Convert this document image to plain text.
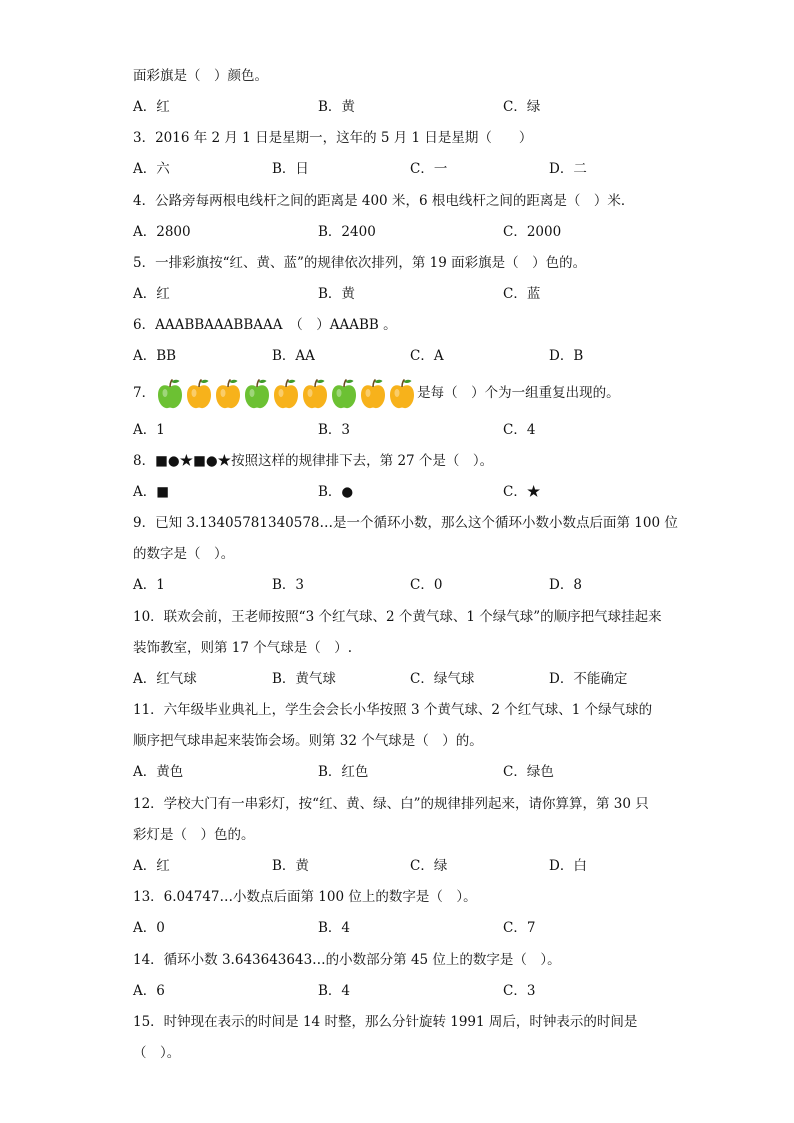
面彩旗是（　）颜色。
A．红	B．黄	C．绿
3．2016 年 2 月 1 日是星期一，这年的 5 月 1 日是星期（　　）
A．六	B．日	C．一	D．二
4．公路旁每两根电线杆之间的距离是 400 米，6 根电线杆之间的距离是（　）米．
A．2800	B．2400	C．2000
5．一排彩旗按“红、黄、蓝”的规律依次排列，第 19 面彩旗是（　）色的。
A．红	B．黄	C．蓝
6．AAABBAAABBAAA　（　）AAABB 。
A．BB	B．AA	C．A	D．B
7．	是每（　）个为一组重复出现的。
A．1	B．3	C．4
8．■●★■●★按照这样的规律排下去，第 27 个是（　）。
A．■	B．●	C．★
9．已知 3.13405781340578…是一个循环小数，那么这个循环小数小数点后面第 100 位
的数字是（　）。
A．1	B．3	C．0	D．8
10．联欢会前，王老师按照“3 个红气球、2 个黄气球、1 个绿气球”的顺序把气球挂起来
装饰教室，则第 17 个气球是（　）.
A．红气球	B．黄气球	C．绿气球	D．不能确定
11．六年级毕业典礼上，学生会会长小华按照 3 个黄气球、2 个红气球、1 个绿气球的
顺序把气球串起来装饰会场。则第 32 个气球是（　）的。
A．黄色	B．红色	C．绿色
12．学校大门有一串彩灯，按“红、黄、绿、白”的规律排列起来，请你算算，第 30 只
彩灯是（　）色的。
A．红	B．黄	C．绿	D．白
13．6.04747…小数点后面第 100 位上的数字是（　）。
A．0	B．4	C．7
14．循环小数 3.643643643…的小数部分第 45 位上的数字是（　）。
A．6	B．4	C．3
15．时钟现在表示的时间是 14 时整，那么分针旋转 1991 周后，时钟表示的时间是
（　）。
